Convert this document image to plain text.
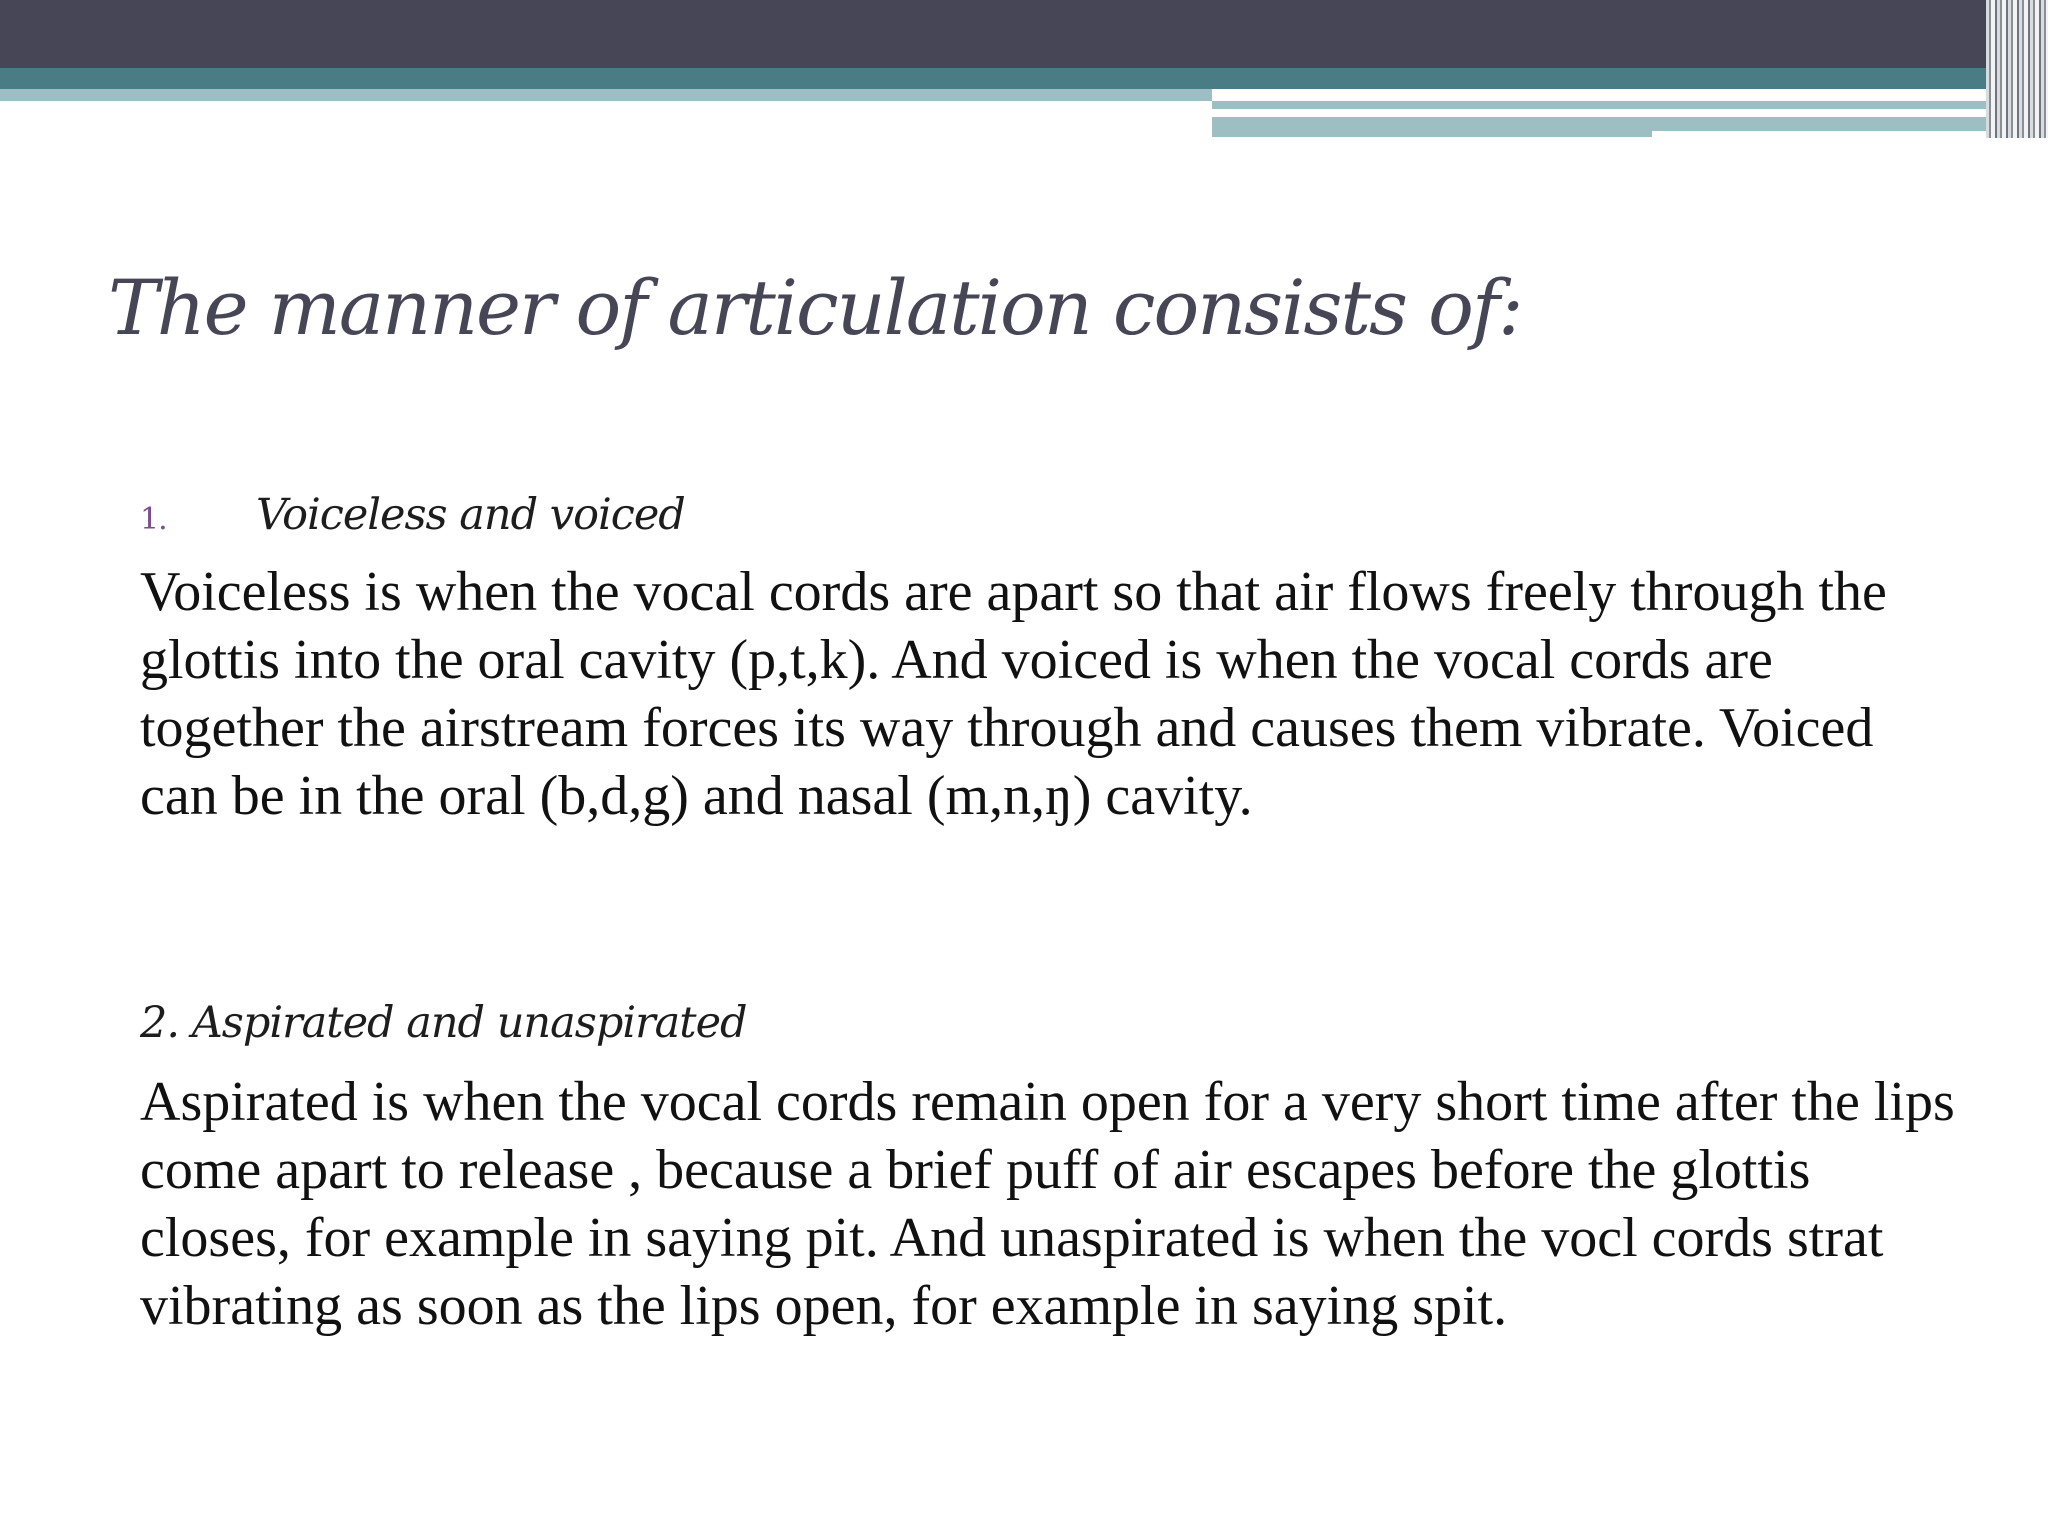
The manner of articulation consists of:
1. Voiceless and voiced

Voiceless is when the vocal cords are apart so that air flows freely through the glottis into the oral cavity (p,t,k). And voiced is when the vocal cords are together the airstream forces its way through and causes them vibrate. Voiced can be in the oral (b,d,g) and nasal (m,n,ŋ) cavity.

2. Aspirated and unaspirated

Aspirated is when the vocal cords remain open for a very short time after the lips come apart to release , because a brief puff of air escapes before the glottis closes, for example in saying pit. And unaspirated is when the vocl cords strat vibrating as soon as the lips open, for example in saying spit.
